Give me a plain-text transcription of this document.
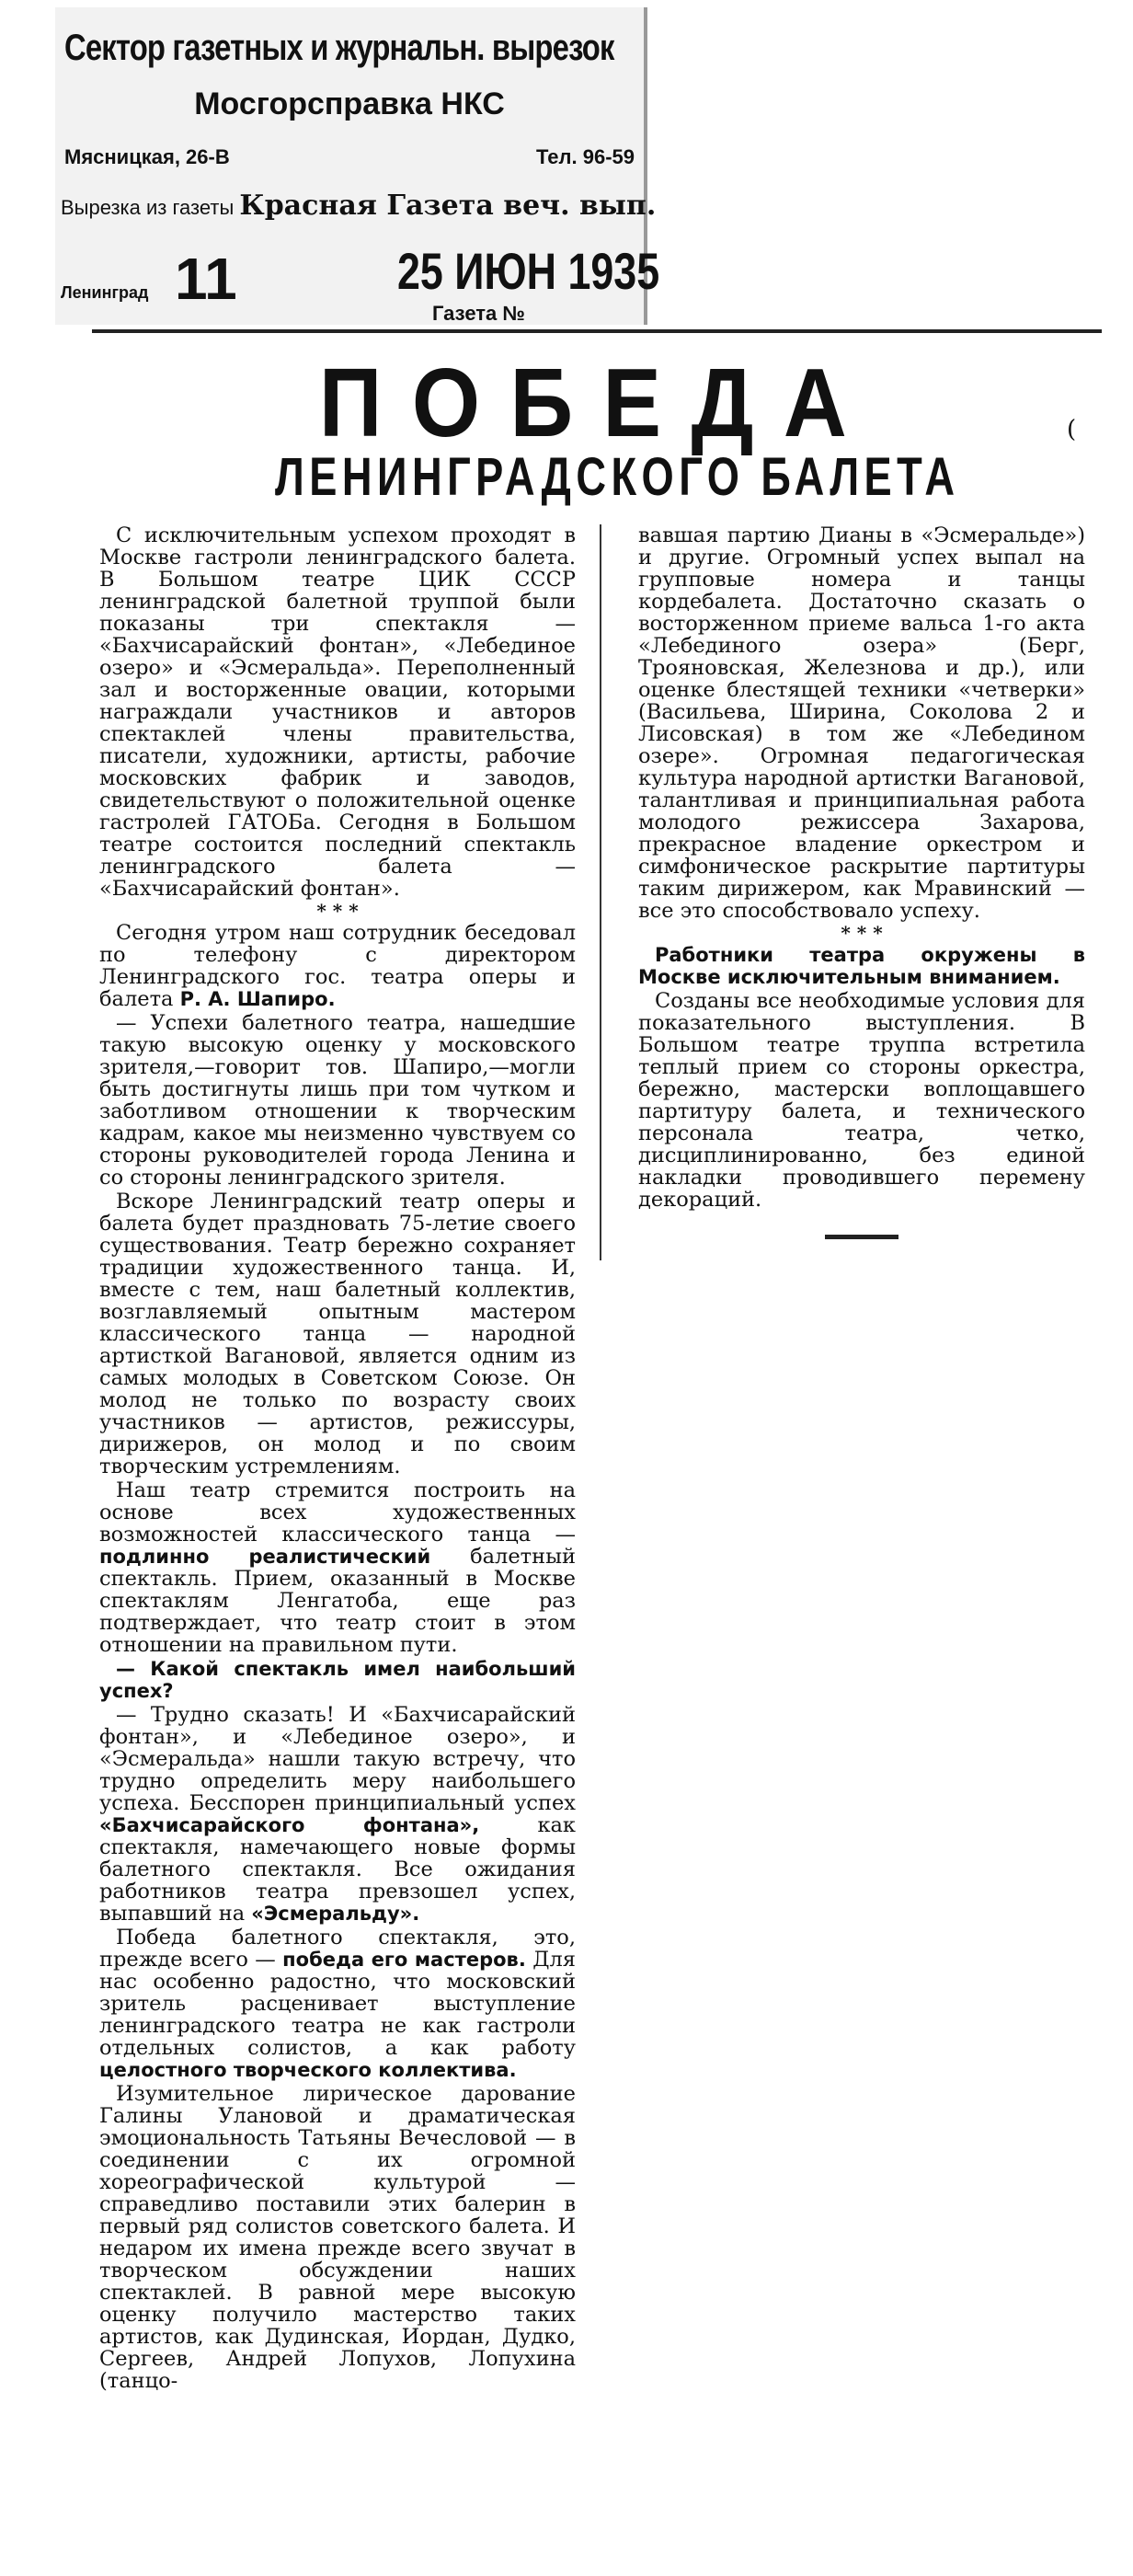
Сектор газетных и журнальн. вырезок
Мосгорсправка НКС
Мясницкая, 26-В	Тел. 96-59
Вырезка из газеты Красная Газета веч. вып.
Ленинград 11	25 ИЮН 1935
Газета №
(
ПОБЕДА
ЛЕНИНГРАДСКОГО БАЛЕТА

С исключительным успехом проходят в Москве гастроли ленинградского балета. В Большом театре ЦИК СССР ленинградской балетной труппой были показаны три спектакля — «Бахчисарайский фонтан», «Лебединое озеро» и «Эсмеральда». Переполненный зал и восторженные овации, которыми награждали участников и авторов спектаклей члены правительства, писатели, художники, артисты, рабочие московских фабрик и заводов, свидетельствуют о положительной оценке гастролей ГАТОБа. Сегодня в Большом театре состоится последний спектакль ленинградского балета — «Бахчисарайский фонтан».

* * *

Сегодня утром наш сотрудник беседовал по телефону с директором Ленинградского гос. театра оперы и балета Р. А. Шапиро.

— Успехи балетного театра, нашедшие такую высокую оценку у московского зрителя,—говорит тов. Шапиро,—могли быть достигнуты лишь при том чутком и заботливом отношении к творческим кадрам, какое мы неизменно чувствуем со стороны руководителей города Ленина и со стороны ленинградского зрителя.

Вскоре Ленинградский театр оперы и балета будет праздновать 75-летие своего существования. Театр бережно сохраняет традиции художественного танца. И, вместе с тем, наш балетный коллектив, возглавляемый опытным мастером классического танца — народной артисткой Вагановой, является одним из самых молодых в Советском Союзе. Он молод не только по возрасту своих участников — артистов, режиссуры, дирижеров, он молод и по своим творческим устремлениям.

Наш театр стремится построить на основе всех художественных возможностей классического танца — подлинно реалистический балетный спектакль. Прием, оказанный в Москве спектаклям Ленгатоба, еще раз подтверждает, что театр стоит в этом отношении на правильном пути.

— Какой спектакль имел наибольший успех?

— Трудно сказать! И «Бахчисарайский фонтан», и «Лебединое озеро», и «Эсмеральда» нашли такую встречу, что трудно определить меру наибольшего успеха. Бесспорен принципиальный успех «Бахчисарайского фонтана»,	как спектакля, намечающего новые формы балетного спектакля. Все ожидания работников театра превзошел успех, выпавший на «Эсмеральду».

Победа балетного спектакля, это, прежде всего — победа его мастеров. Для нас особенно радостно, что московский зритель расценивает выступление ленинградского театра не как гастроли отдельных солистов, а как работу целостного творческого коллектива.

Изумительное лирическое дарование Галины Улановой и драматическая эмоциональность Татьяны Вечесловой — в соединении с их огромной хореографической культурой — справедливо поставили этих балерин в первый ряд солистов советского балета. И недаром их имена прежде всего звучат в творческом обсуждении наших спектаклей. В равной мере высокую оценку получило мастерство таких артистов, как Дудинская, Иордан, Дудко, Сергеев, Андрей Лопухов, Лопухина (танцо-

вавшая партию Дианы в «Эсмеральде») и другие. Огромный успех выпал на групповые номера и танцы кордебалета. Достаточно сказать о восторженном приеме вальса 1-го акта «Лебединого озера» (Берг, Трояновская, Железнова и др.), или оценке блестящей техники «четверки» (Васильева, Ширина, Соколова 2 и Лисовская) в том же «Лебедином озере». Огромная педагогическая культура народной артистки Вагановой, талантливая и принципиальная работа молодого режиссера Захарова, прекрасное владение оркестром и симфоническое раскрытие партитуры таким дирижером, как Мравинский — все это способствовало успеху.

* * *

Работники театра окружены в Москве исключительным вниманием.

Созданы все необходимые условия для показательного выступления. В Большом театре труппа встретила теплый прием со стороны оркестра, бережно, мастерски воплощавшего партитуру балета, и технического персонала театра, четко, дисциплинированно, без единой накладки проводившего перемену декораций.
